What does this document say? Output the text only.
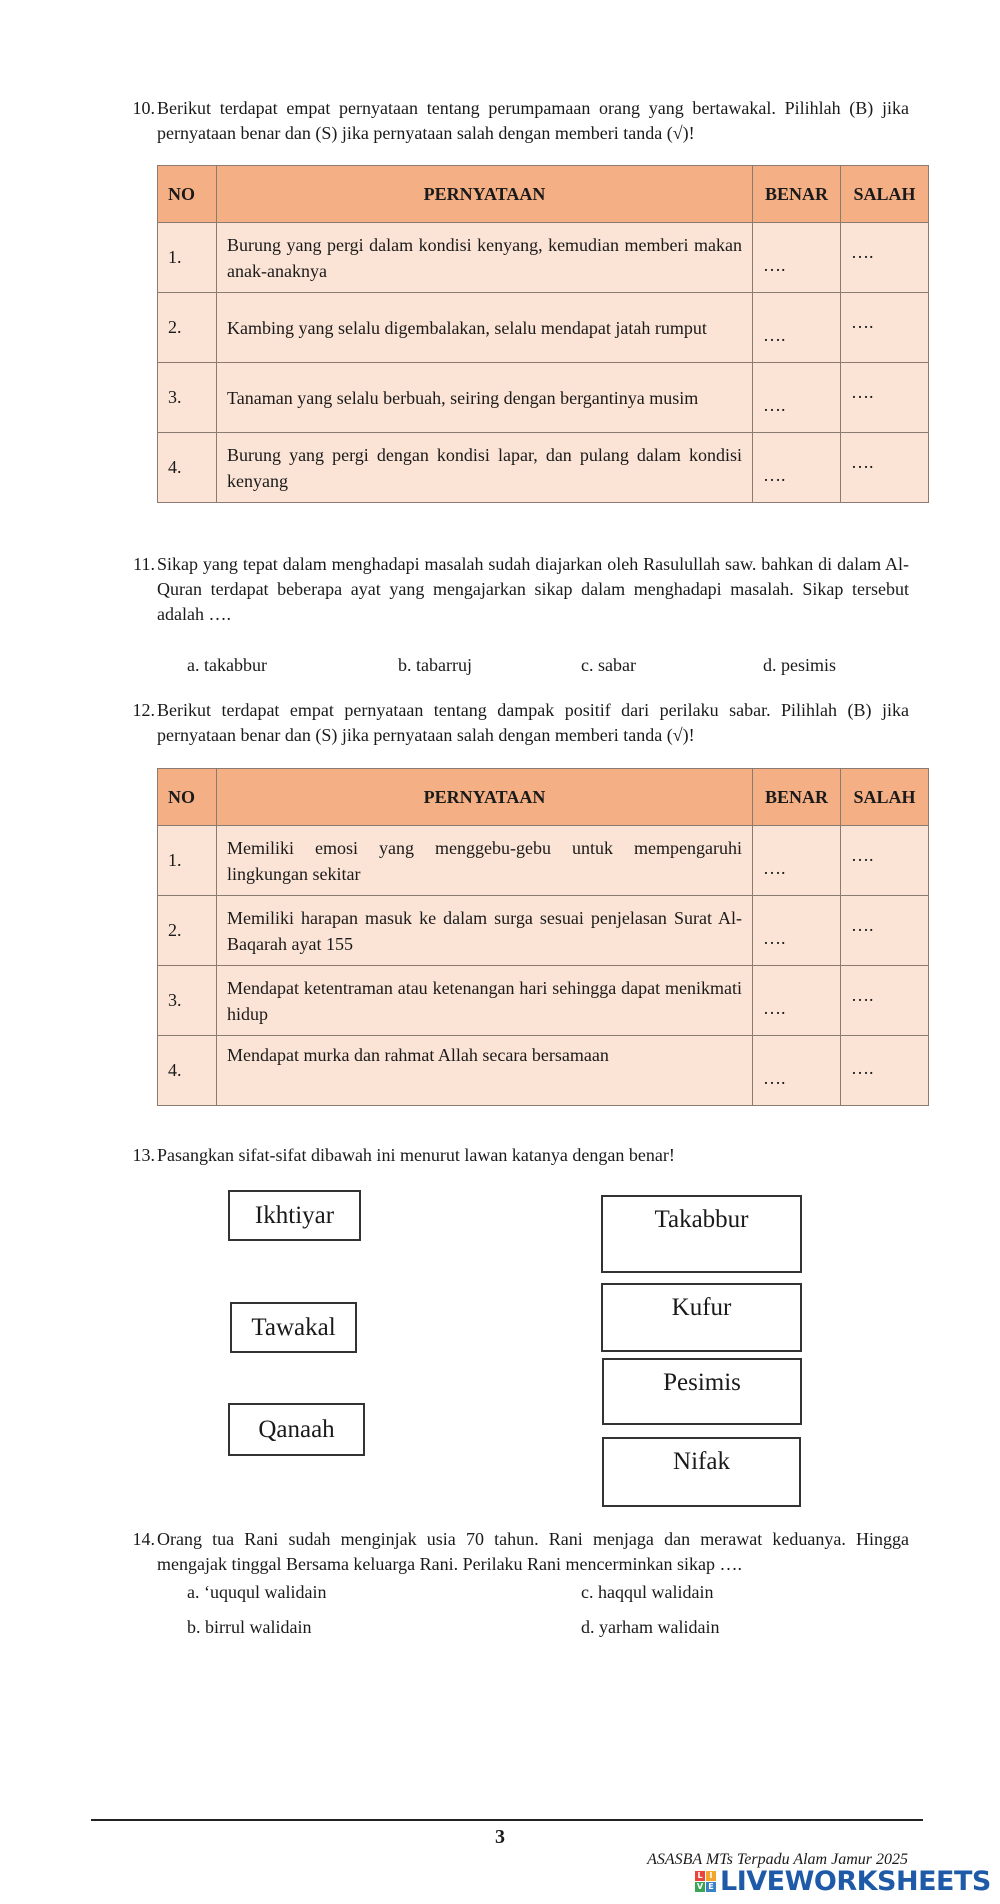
10. Berikut terdapat empat pernyataan tentang perumpamaan orang yang bertawakal. Pilihlah (B) jika pernyataan benar dan (S) jika pernyataan salah dengan memberi tanda (√)!
NO	PERNYATAAN	BENAR	SALAH
1.	Burung yang pergi dalam kondisi kenyang, kemudian memberi makan anak-anaknya	….	….

2.	Kambing yang selalu digembalakan, selalu mendapat jatah rumput	….	….

3.	Tanaman yang selalu berbuah, seiring dengan bergantinya musim	….	….

4.	Burung yang pergi dengan kondisi lapar, dan pulang dalam kondisi kenyang	….	….
11. Sikap yang tepat dalam menghadapi masalah sudah diajarkan oleh Rasulullah saw. bahkan di dalam Al-Quran terdapat beberapa ayat yang mengajarkan sikap dalam menghadapi masalah. Sikap tersebut adalah ….
a. takabbur	b. tabarruj	c. sabar	d. pesimis
12. Berikut terdapat empat pernyataan tentang dampak positif dari perilaku sabar. Pilihlah (B) jika pernyataan benar dan (S) jika pernyataan salah dengan memberi tanda (√)!
NO	PERNYATAAN	BENAR	SALAH
1.	Memiliki emosi yang menggebu-gebu untuk mempengaruhi lingkungan sekitar	….	….

2.	Memiliki harapan masuk ke dalam surga sesuai penjelasan Surat Al-Baqarah ayat 155	….	….

3.	Mendapat ketentraman atau ketenangan hari sehingga dapat menikmati hidup	….	….

4.	Mendapat murka dan rahmat Allah secara bersamaan	….	….
13. Pasangkan sifat-sifat dibawah ini menurut lawan katanya dengan benar!
Ikhtiyar
Tawakal
Qanaah
Takabbur
Kufur
Pesimis
Nifak
14. Orang tua Rani sudah menginjak usia 70 tahun. Rani menjaga dan merawat keduanya. Hingga mengajak tinggal Bersama keluarga Rani. Perilaku Rani mencerminkan sikap ….
a. ‘uququl walidain	c. haqqul walidain
b. birrul walidain	d. yarham walidain
3
ASASBA MTs Terpadu Alam Jamur 2025
L I
V E LIVEWORKSHEETS
